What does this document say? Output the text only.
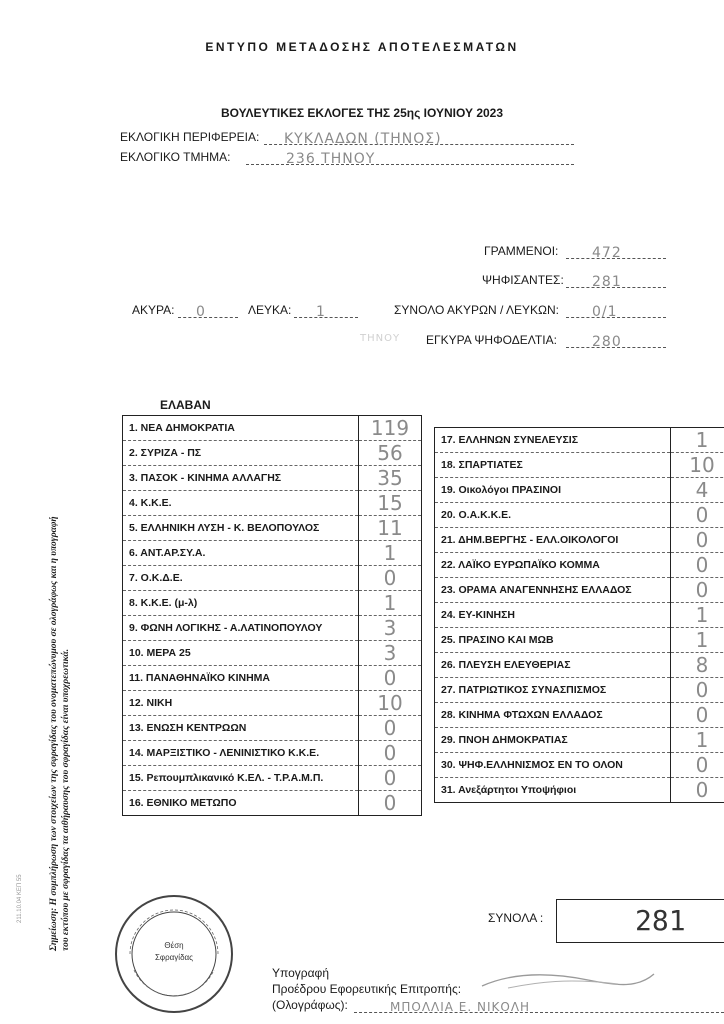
ΕΝΤΥΠΟ ΜΕΤΑΔΟΣΗΣ ΑΠΟΤΕΛΕΣΜΑΤΩΝ
ΒΟΥΛΕΥΤΙΚΕΣ ΕΚΛΟΓΕΣ ΤΗΣ 25ης ΙΟΥΝΙΟΥ 2023
ΕΚΛΟΓΙΚΗ ΠΕΡΙΦΕΡΕΙΑ:	ΚΥΚΛΑΔΩΝ (ΤΗΝΟΣ)
ΕΚΛΟΓΙΚΟ ΤΜΗΜΑ:	236 ΤΗΝΟΥ
ΓΡΑΜΜΕΝΟΙ:	472
ΨΗΦΙΣΑΝΤΕΣ:	281
ΑΚΥΡΑ:	0	ΛΕΥΚΑ:	1	ΣΥΝΟΛΟ ΑΚΥΡΩΝ / ΛΕΥΚΩΝ:	0/1
ΤΗΝΟΥ ΕΓΚΥΡΑ ΨΗΦΟΔΕΛΤΙΑ:	280
ΕΛΑΒΑΝ
1. ΝΕΑ ΔΗΜΟΚΡΑΤΙΑ	119
2. ΣΥΡΙΖΑ - ΠΣ	56
3. ΠΑΣΟΚ - ΚΙΝΗΜΑ ΑΛΛΑΓΗΣ	35
4. Κ.Κ.Ε.	15
5. ΕΛΛΗΝΙΚΗ ΛΥΣΗ - Κ. ΒΕΛΟΠΟΥΛΟΣ	11
6. ΑΝΤ.ΑΡ.ΣΥ.Α.	1
7. Ο.Κ.Δ.Ε.	0
8. Κ.Κ.Ε. (μ-λ)	1
9. ΦΩΝΗ ΛΟΓΙΚΗΣ - Α.ΛΑΤΙΝΟΠΟΥΛΟΥ	3
10. ΜΕΡΑ 25	3
11. ΠΑΝΑΘΗΝΑΪΚΟ ΚΙΝΗΜΑ	0
12. ΝΙΚΗ	10
13. ΕΝΩΣΗ ΚΕΝΤΡΩΩΝ	0
14. ΜΑΡΞΙΣΤΙΚΟ - ΛΕΝΙΝΙΣΤΙΚΟ Κ.Κ.Ε.	0
15. Ρεπουμπλικανικό Κ.ΕΛ. - Τ.Ρ.Α.Μ.Π.	0
16. ΕΘΝΙΚΟ ΜΕΤΩΠΟ	0
17. ΕΛΛΗΝΩΝ ΣΥΝΕΛΕΥΣΙΣ	1
18. ΣΠΑΡΤΙΑΤΕΣ	10
19. Οικολόγοι ΠΡΑΣΙΝΟΙ	4
20. Ο.Α.Κ.Κ.Ε.	0
21. ΔΗΜ.ΒΕΡΓΗΣ - ΕΛΛ.ΟΙΚΟΛΟΓΟΙ	0
22. ΛΑΪΚΟ ΕΥΡΩΠΑΪΚΟ ΚΟΜΜΑ	0
23. ΟΡΑΜΑ ΑΝΑΓΕΝΝΗΣΗΣ ΕΛΛΑΔΟΣ	0
24. ΕΥ-ΚΙΝΗΣΗ	1
25. ΠΡΑΣΙΝΟ ΚΑΙ ΜΩΒ	1
26. ΠΛΕΥΣΗ ΕΛΕΥΘΕΡΙΑΣ	8
27. ΠΑΤΡΙΩΤΙΚΟΣ ΣΥΝΑΣΠΙΣΜΟΣ	0
28. ΚΙΝΗΜΑ ΦΤΩΧΩΝ ΕΛΛΑΔΟΣ	0
29. ΠΝΟΗ ΔΗΜΟΚΡΑΤΙΑΣ	1
30. ΨΗΦ.ΕΛΛΗΝΙΣΜΟΣ ΕΝ ΤΟ ΟΛΟΝ	0
31. Ανεξάρτητοι Υποψήφιοι	0
ΣΥΝΟΛΑ :	281
Υπογραφή
Προέδρου Εφορευτικής Επιτροπής:
(Ολογράφως):	ΜΠΟΛΛΙΑ Ε. ΝΙΚΟΛΗ
Θέση
Σφραγίδας
Σημείωση: Η συμπλήρωση των στοιχείων της σφραγίδας του ονοματεπώνυμου σε ολογράφως και η υπογραφή του εκτύπου με σφραγίδας τα αιθήραυσης του σφραγίδας είναι υποχρεωτικά.
211.10.04 ΚΕΠ 55
